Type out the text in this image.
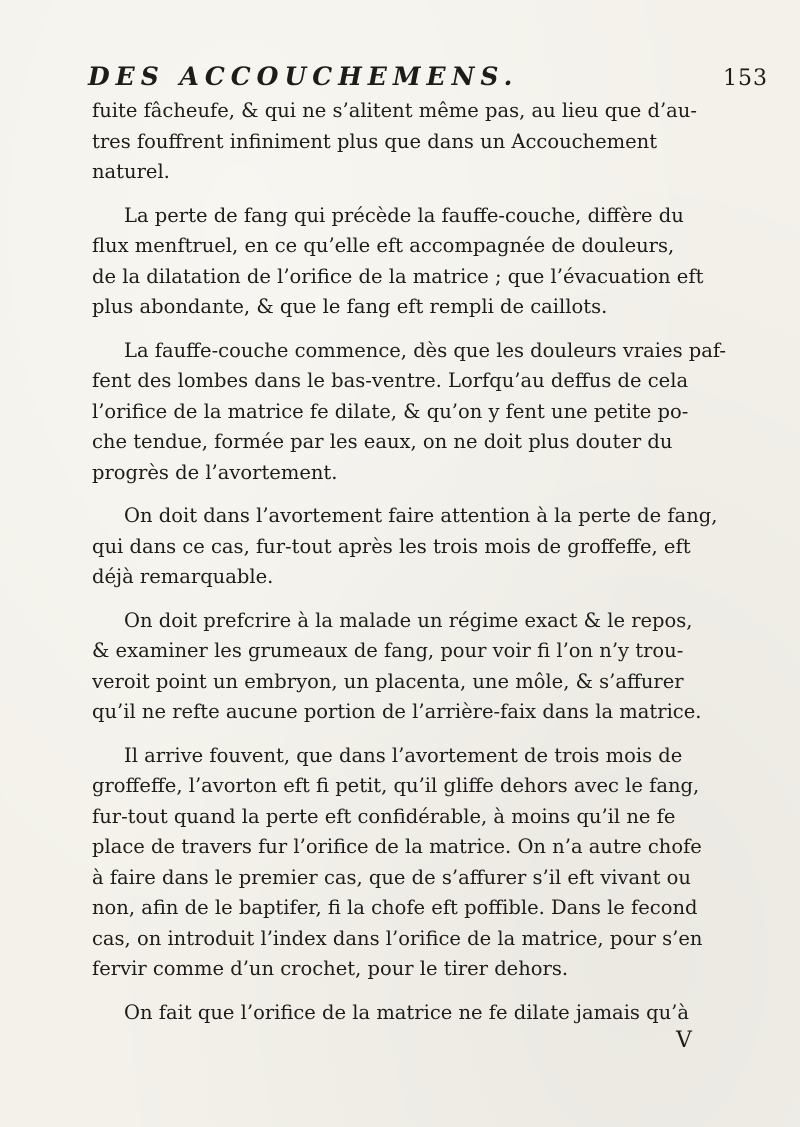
DES ACCOUCHEMENS.	153
fuite fâcheufe, & qui ne s’alitent même pas, au lieu que d’au-
tres fouffrent infiniment plus que dans un Accouchement
naturel.
La perte de fang qui précède la fauffe-couche, diffère du
flux menftruel, en ce qu’elle eft accompagnée de douleurs,
de la dilatation de l’orifice de la matrice ; que l’évacuation eft
plus abondante, & que le fang eft rempli de caillots.
La fauffe-couche commence, dès que les douleurs vraies paf-
fent des lombes dans le bas-ventre. Lorfqu’au deffus de cela
l’orifice de la matrice fe dilate, & qu’on y fent une petite po-
che tendue, formée par les eaux, on ne doit plus douter du
progrès de l’avortement.
On doit dans l’avortement faire attention à la perte de fang,
qui dans ce cas, fur-tout après les trois mois de groffeffe, eft
déjà remarquable.
On doit prefcrire à la malade un régime exact & le repos,
& examiner les grumeaux de fang, pour voir fi l’on n’y trou-
veroit point un embryon, un placenta, une môle, & s’affurer
qu’il ne refte aucune portion de l’arrière-faix dans la matrice.
Il arrive fouvent, que dans l’avortement de trois mois de
groffeffe, l’avorton eft fi petit, qu’il gliffe dehors avec le fang,
fur-tout quand la perte eft confidérable, à moins qu’il ne fe
place de travers fur l’orifice de la matrice. On n’a autre chofe
à faire dans le premier cas, que de s’affurer s’il eft vivant ou
non, afin de le baptifer, fi la chofe eft poffible. Dans le fecond
cas, on introduit l’index dans l’orifice de la matrice, pour s’en
fervir comme d’un crochet, pour le tirer dehors.
On fait que l’orifice de la matrice ne fe dilate jamais qu’à
V
